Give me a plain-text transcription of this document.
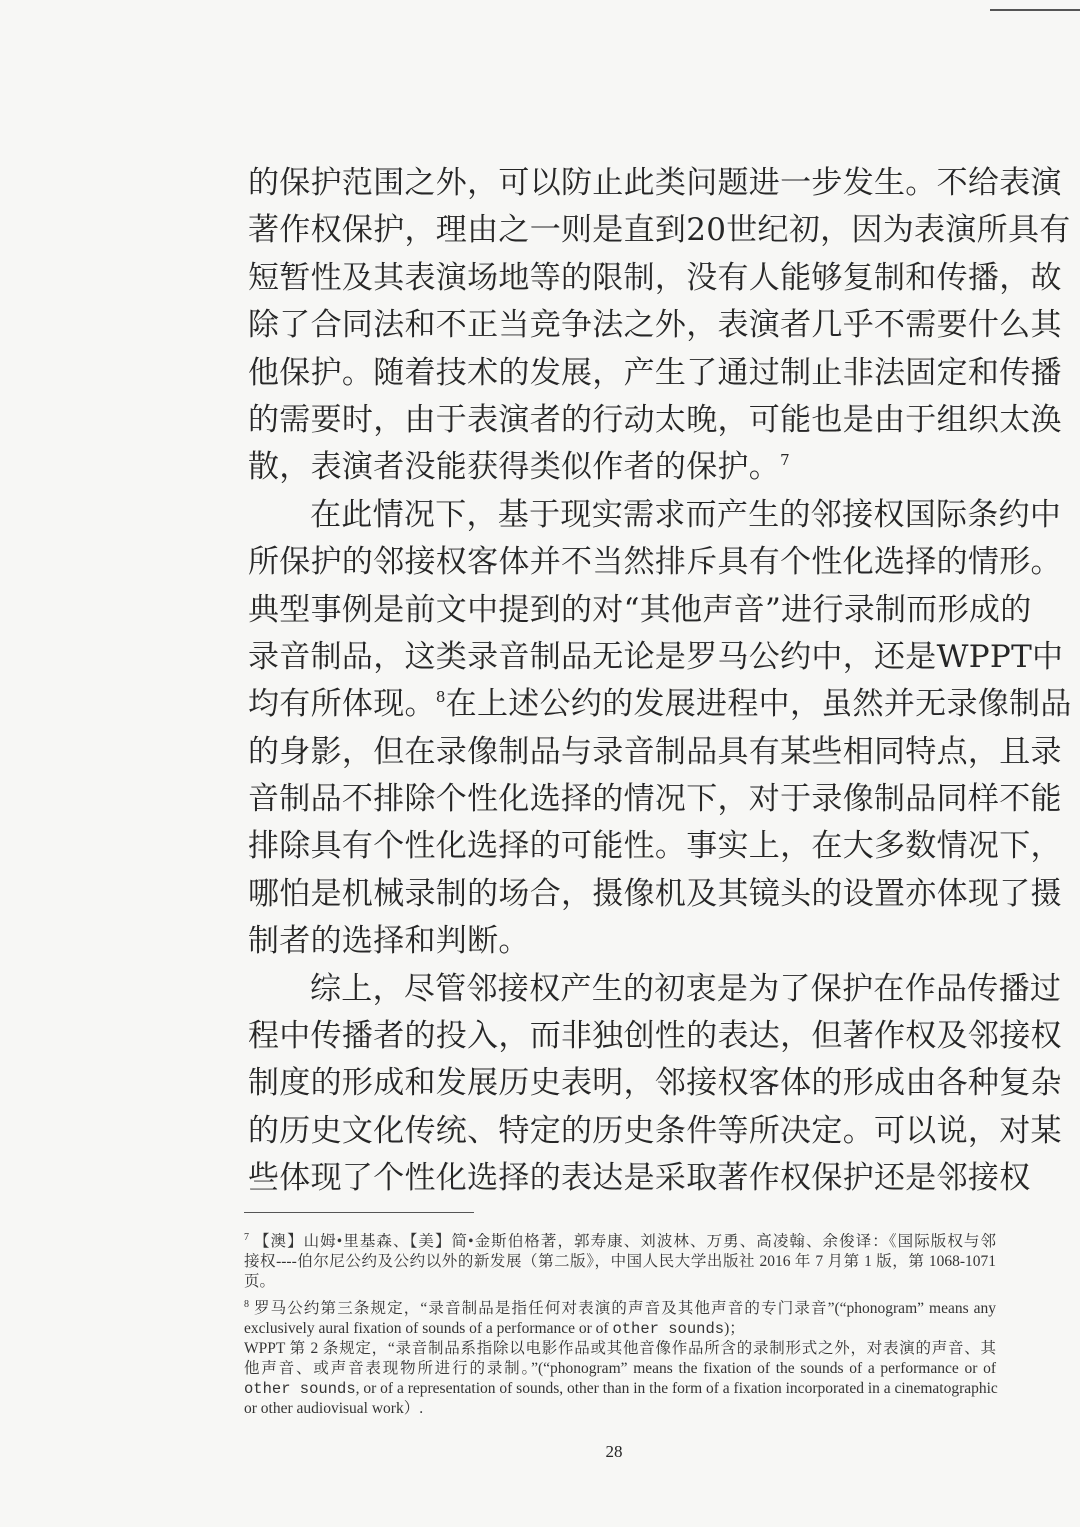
的保护范围之外，可以防止此类问题进一步发生。不给表演
著作权保护，理由之一则是直到20世纪初，因为表演所具有
短暂性及其表演场地等的限制，没有人能够复制和传播，故
除了合同法和不正当竞争法之外，表演者几乎不需要什么其
他保护。随着技术的发展，产生了通过制止非法固定和传播
的需要时，由于表演者的行动太晚，可能也是由于组织太涣
散，表演者没能获得类似作者的保护。$^7$
在此情况下，基于现实需求而产生的邻接权国际条约中
所保护的邻接权客体并不当然排斥具有个性化选择的情形。
典型事例是前文中提到的对“其他声音”进行录制而形成的
录音制品，这类录音制品无论是罗马公约中，还是WPPT中
均有所体现。$^8$在上述公约的发展进程中，虽然并无录像制品
的身影，但在录像制品与录音制品具有某些相同特点，且录
音制品不排除个性化选择的情况下，对于录像制品同样不能
排除具有个性化选择的可能性。事实上，在大多数情况下，
哪怕是机械录制的场合，摄像机及其镜头的设置亦体现了摄
制者的选择和判断。
综上，尽管邻接权产生的初衷是为了保护在作品传播过
程中传播者的投入，而非独创性的表达，但著作权及邻接权
制度的形成和发展历史表明，邻接权客体的形成由各种复杂
的历史文化传统、特定的历史条件等所决定。可以说，对某
些体现了个性化选择的表达是采取著作权保护还是邻接权
$^7$ 【澳】山姆•里基森、【美】简•金斯伯格著，郭寿康、刘波林、万勇、高凌翰、余俊译：《国际版权与邻
接权----伯尔尼公约及公约以外的新发展（第二版》，中国人民大学出版社 2016 年 7 月第 1 版，第 1068-1071
页。
$^8$ 罗马公约第三条规定，“录音制品是指任何对表演的声音及其他声音的专门录音”(“phonogram” means any
exclusively aural fixation of sounds of a performance or of other sounds)；
WPPT 第 2 条规定，“录音制品系指除以电影作品或其他音像作品所含的录制形式之外，对表演的声音、其
他声音、或声音表现物所进行的录制。”(“phonogram” means the fixation of the sounds of a performance or of
other sounds, or of a representation of sounds, other than in the form of a fixation incorporated in a cinematographic
or other audiovisual work）.
28
